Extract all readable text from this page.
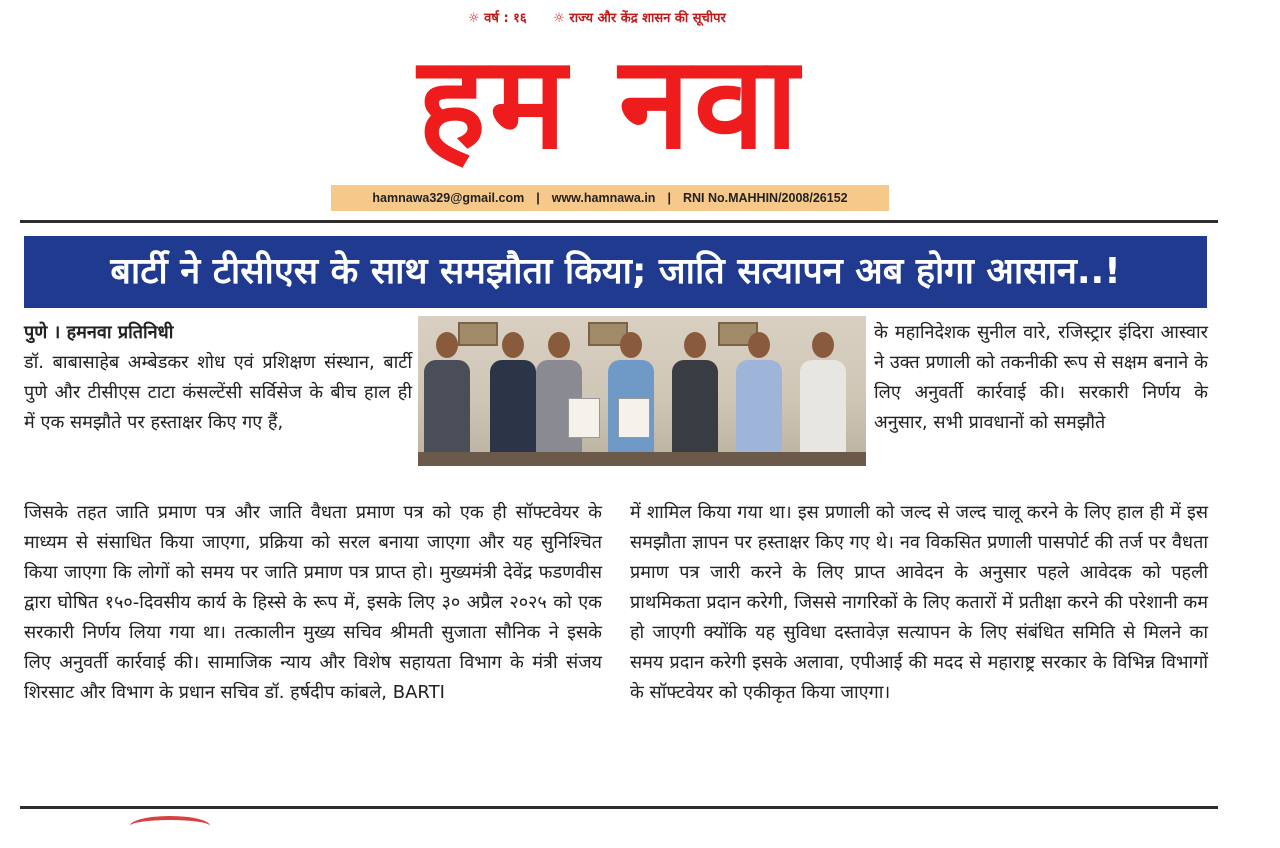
☼ वर्ष : १६ ☼ राज्य और केंद्र शासन की सूचीपर
हम नवा
hamnawa329@gmail.com | www.hamnawa.in | RNI No.MAHHIN/2008/26152
बार्टी ने टीसीएस के साथ समझौता किया; जाति सत्यापन अब होगा आसान..!

पुणे । हमनवा प्रतिनिधी

डॉ. बाबासाहेब अम्बेडकर शोध एवं प्रशिक्षण संस्थान, बार्टी पुणे और टीसीएस टाटा कंसल्टेंसी सर्विसेज के बीच हाल ही में एक समझौते पर हस्ताक्षर किए गए हैं,

के महानिदेशक सुनील वारे, रजिस्ट्रार इंदिरा आस्वार ने उक्त प्रणाली को तकनीकी रूप से सक्षम बनाने के लिए अनुवर्ती कार्रवाई की। सरकारी निर्णय के अनुसार, सभी प्रावधानों को समझौते

जिसके तहत जाति प्रमाण पत्र और जाति वैधता प्रमाण पत्र को एक ही सॉफ्टवेयर के माध्यम से संसाधित किया जाएगा, प्रक्रिया को सरल बनाया जाएगा और यह सुनिश्चित किया जाएगा कि लोगों को समय पर जाति प्रमाण पत्र प्राप्त हो। मुख्यमंत्री देवेंद्र फडणवीस द्वारा घोषित १५०-दिवसीय कार्य के हिस्से के रूप में, इसके लिए ३० अप्रैल २०२५ को एक सरकारी निर्णय लिया गया था। तत्कालीन मुख्य सचिव श्रीमती सुजाता सौनिक ने इसके लिए अनुवर्ती कार्रवाई की। सामाजिक न्याय और विशेष सहायता विभाग के मंत्री संजय शिरसाट और विभाग के प्रधान सचिव डॉ. हर्षदीप कांबले, BARTI

में शामिल किया गया था। इस प्रणाली को जल्द से जल्द चालू करने के लिए हाल ही में इस समझौता ज्ञापन पर हस्ताक्षर किए गए थे। नव विकसित प्रणाली पासपोर्ट की तर्ज पर वैधता प्रमाण पत्र जारी करने के लिए प्राप्त आवेदन के अनुसार पहले आवेदक को पहली प्राथमिकता प्रदान करेगी, जिससे नागरिकों के लिए कतारों में प्रतीक्षा करने की परेशानी कम हो जाएगी क्योंकि यह सुविधा दस्तावेज़ सत्यापन के लिए संबंधित समिति से मिलने का समय प्रदान करेगी इसके अलावा, एपीआई की मदद से महाराष्ट्र सरकार के विभिन्न विभागों के सॉफ्टवेयर को एकीकृत किया जाएगा।
